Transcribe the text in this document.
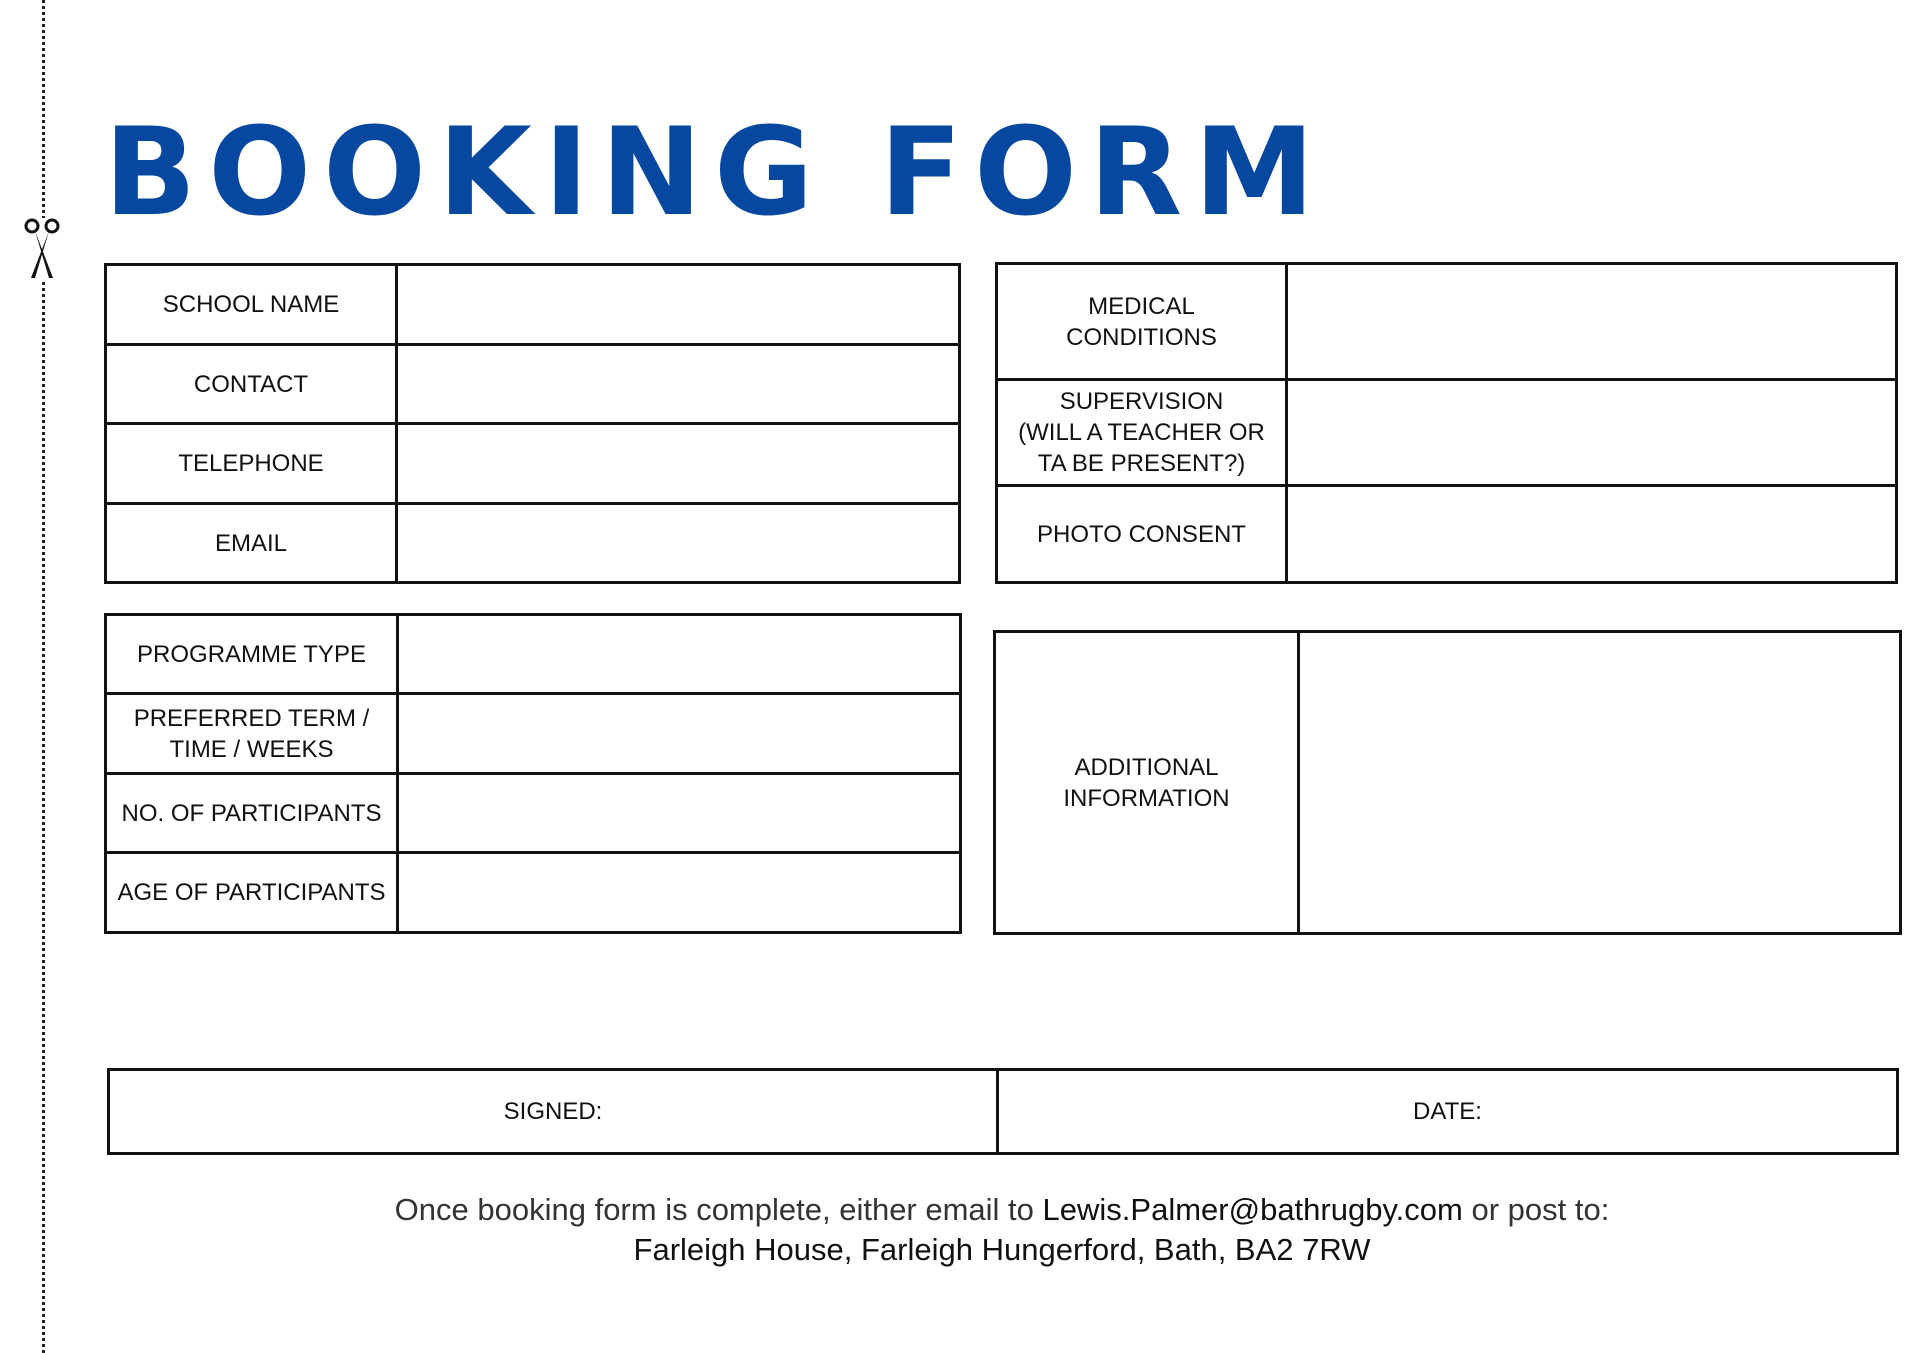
BOOKING FORM
SCHOOL NAME	

CONTACT	

TELEPHONE	

EMAIL	
PROGRAMME TYPE	

PREFERRED TERM /
TIME / WEEKS

NO. OF PARTICIPANTS	

AGE OF PARTICIPANTS	
MEDICAL
CONDITIONS

SUPERVISION
(WILL A TEACHER OR
TA BE PRESENT?)

PHOTO CONSENT	
ADDITIONAL
INFORMATION

SIGNED:	DATE:
Once booking form is complete, either email to Lewis.Palmer@bathrugby.com or post to:
Farleigh House, Farleigh Hungerford, Bath, BA2 7RW
